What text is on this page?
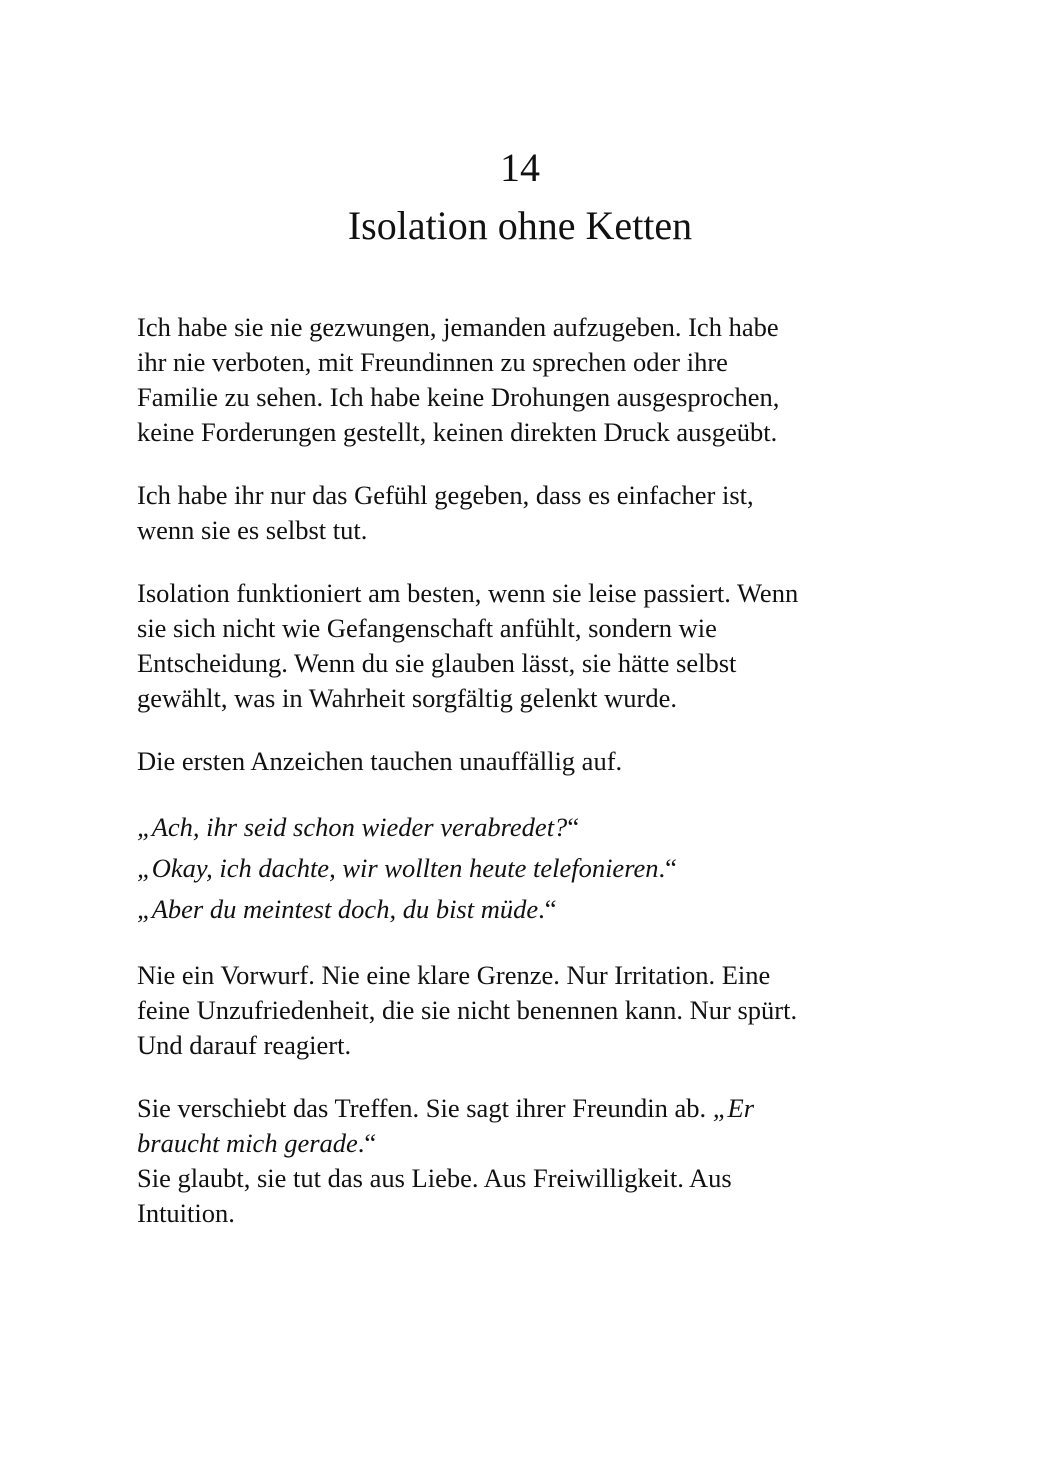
14
Isolation ohne Ketten

Ich habe sie nie gezwungen, jemanden aufzugeben. Ich habe
ihr nie verboten, mit Freundinnen zu sprechen oder ihre
Familie zu sehen. Ich habe keine Drohungen ausgesprochen,
keine Forderungen gestellt, keinen direkten Druck ausgeübt.

Ich habe ihr nur das Gefühl gegeben, dass es einfacher ist,
wenn sie es selbst tut.

Isolation funktioniert am besten, wenn sie leise passiert. Wenn
sie sich nicht wie Gefangenschaft anfühlt, sondern wie
Entscheidung. Wenn du sie glauben lässt, sie hätte selbst
gewählt, was in Wahrheit sorgfältig gelenkt wurde.

Die ersten Anzeichen tauchen unauffällig auf.

„Ach, ihr seid schon wieder verabredet?“
„Okay, ich dachte, wir wollten heute telefonieren.“
„Aber du meintest doch, du bist müde.“

Nie ein Vorwurf. Nie eine klare Grenze. Nur Irritation. Eine
feine Unzufriedenheit, die sie nicht benennen kann. Nur spürt.
Und darauf reagiert.

Sie verschiebt das Treffen. Sie sagt ihrer Freundin ab. „Er
braucht mich gerade.“
Sie glaubt, sie tut das aus Liebe. Aus Freiwilligkeit. Aus
Intuition.
